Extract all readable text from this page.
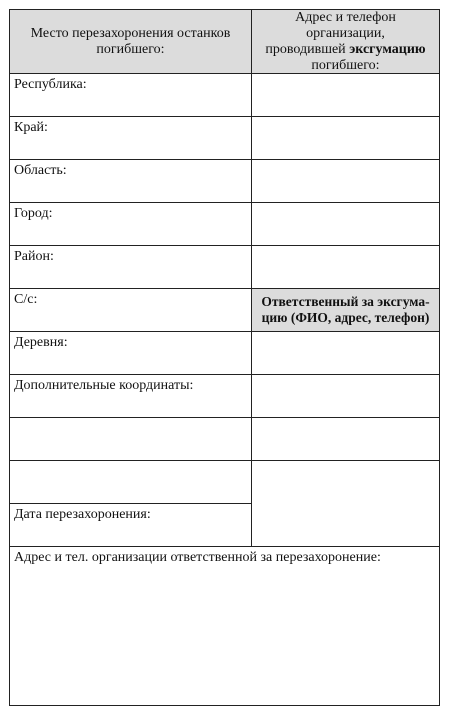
Место перезахоронения останков погибшего:
Адрес и телефон
организации,
проводившей эксгумацию
погибшего:
Республика:
Край:
Область:
Город:
Район:
С/с:
Деревня:
Дополнительные координаты:
Дата перезахоронения:
Ответственный за эксгума-
цию (ФИО, адрес, телефон)
Адрес и тел. организации ответственной за перезахоронение:
